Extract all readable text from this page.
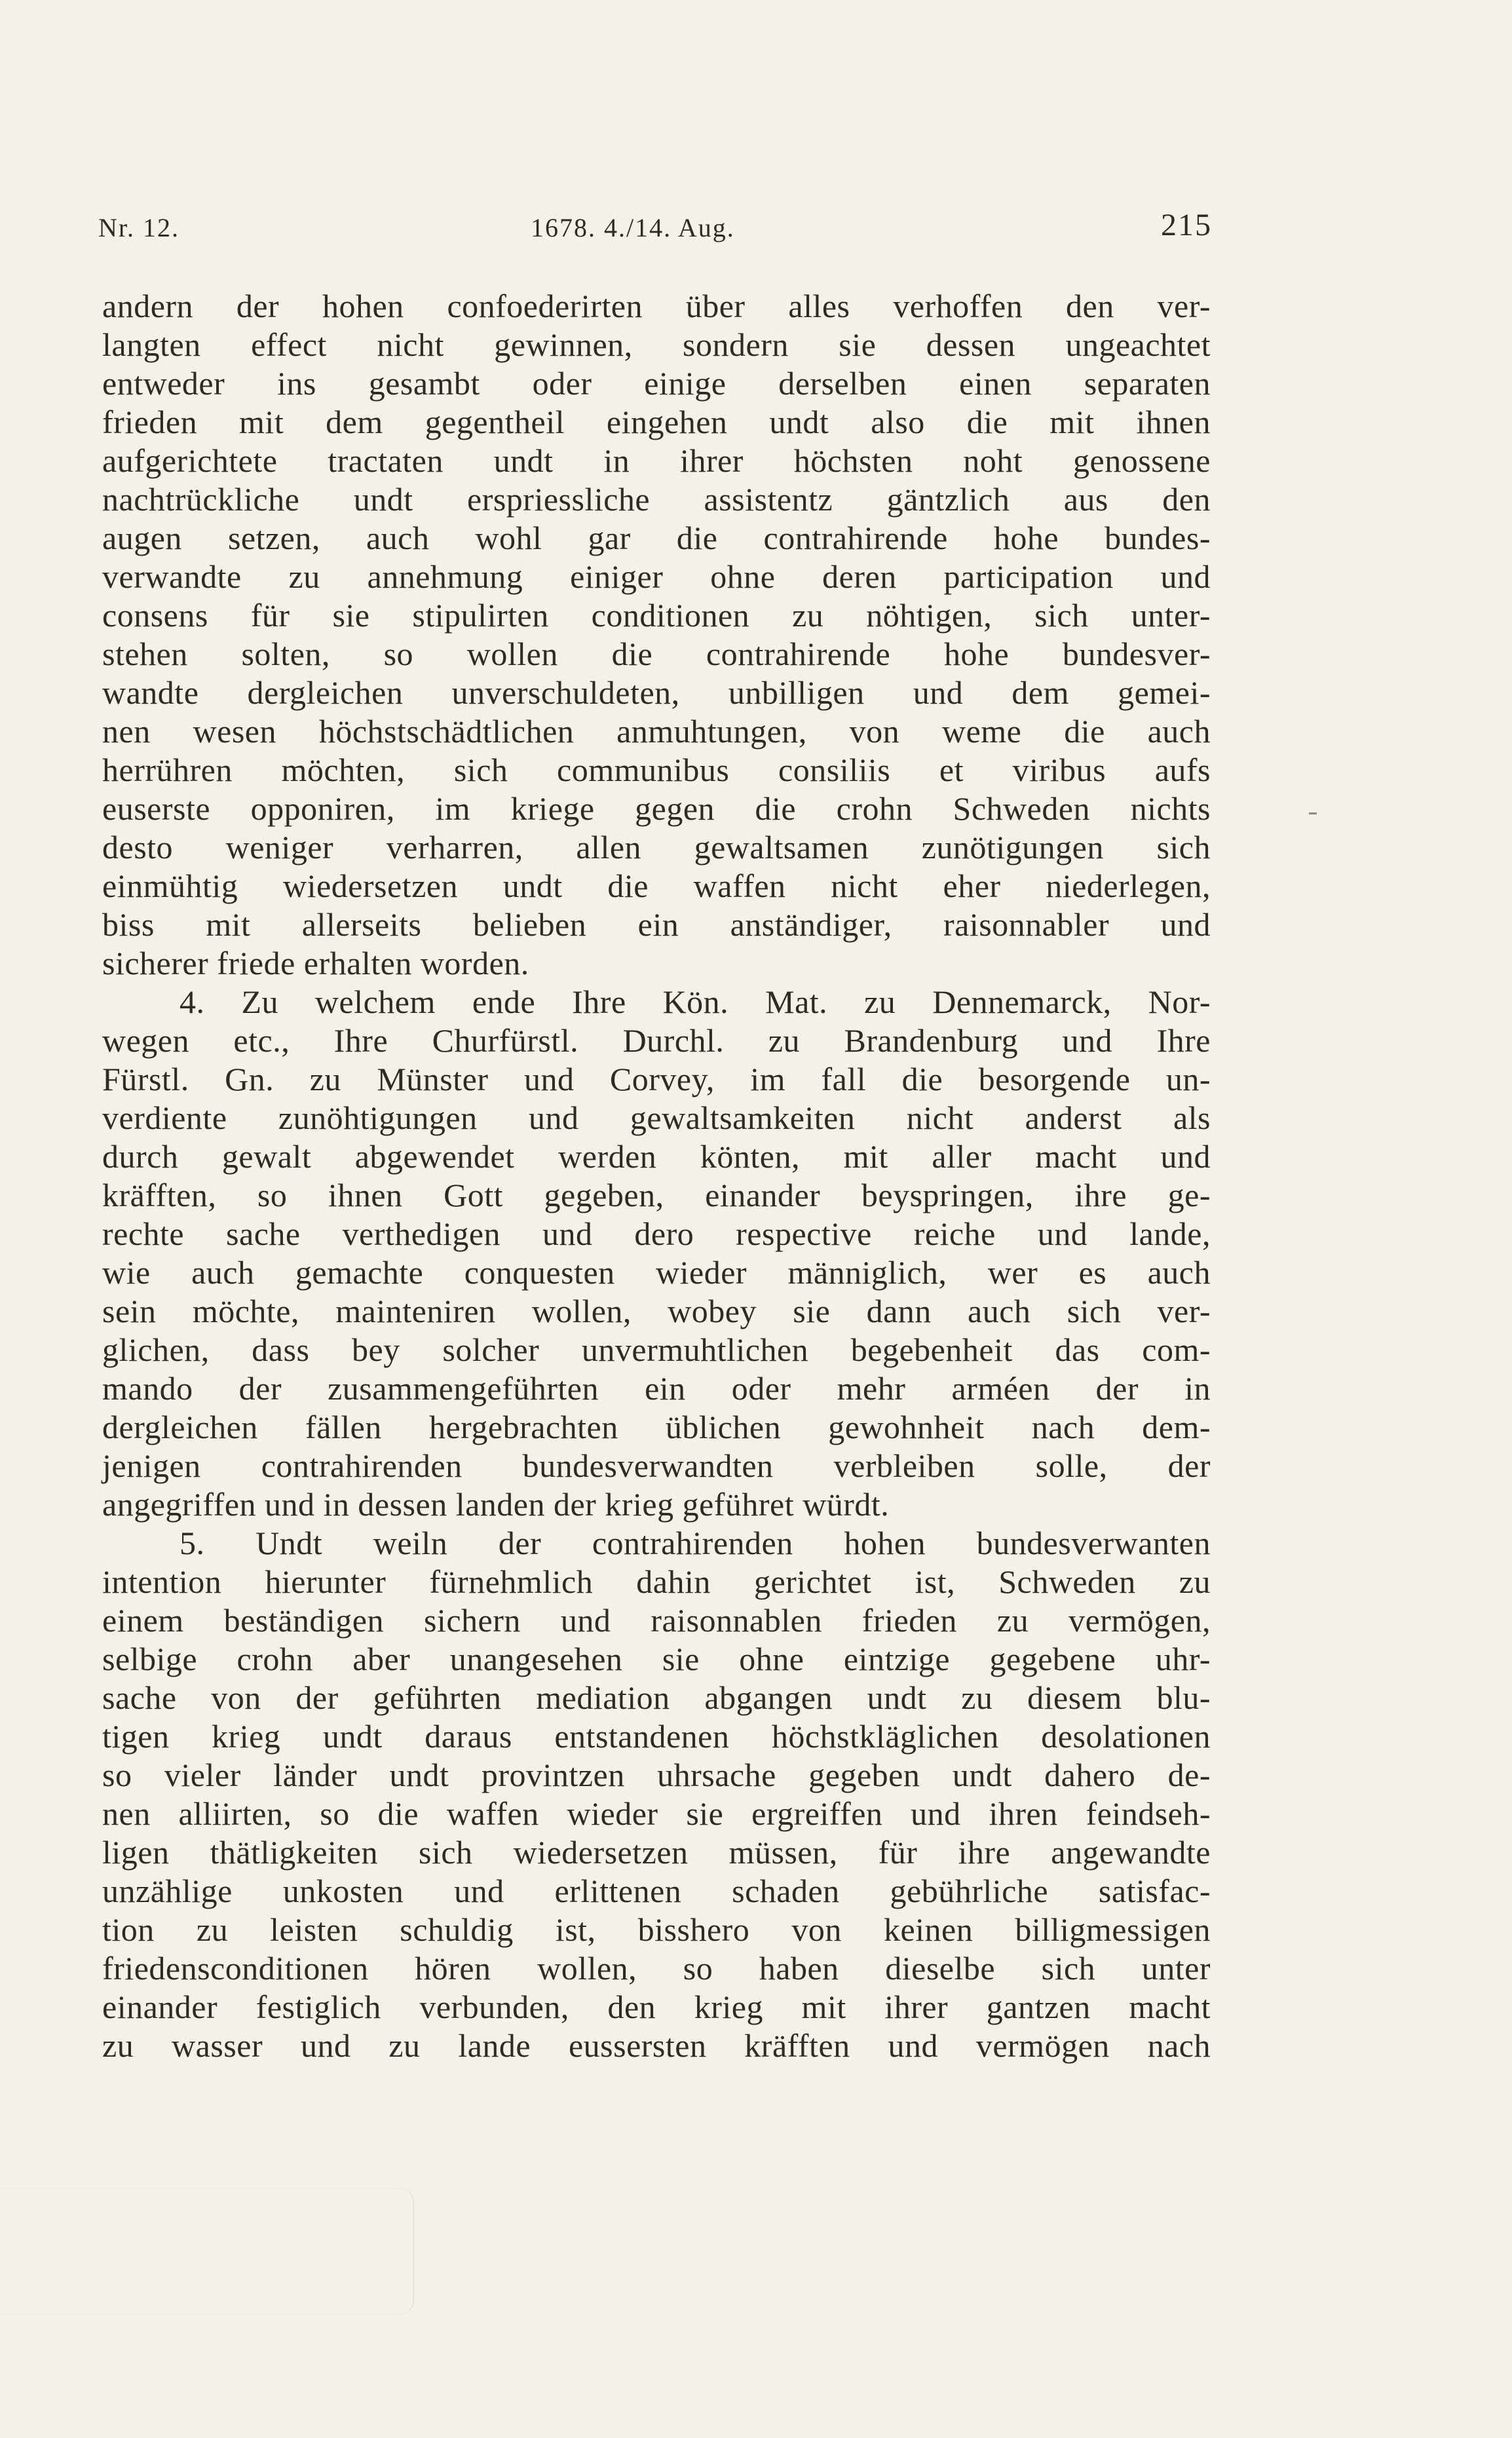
Nr. 12.	1678. 4./14. Aug.	215
andern der hohen confoederirten über alles verhoffen den ver-
langten effect nicht gewinnen, sondern sie dessen ungeachtet
entweder ins gesambt oder einige derselben einen separaten
frieden mit dem gegentheil eingehen undt also die mit ihnen
aufgerichtete tractaten undt in ihrer höchsten noht genossene
nachtrückliche undt erspriessliche assistentz gäntzlich aus den
augen setzen, auch wohl gar die contrahirende hohe bundes-
verwandte zu annehmung einiger ohne deren participation und
consens für sie stipulirten conditionen zu nöhtigen, sich unter-
stehen solten, so wollen die contrahirende hohe bundesver-
wandte dergleichen unverschuldeten, unbilligen und dem gemei-
nen wesen höchstschädtlichen anmuhtungen, von weme die auch
herrühren möchten, sich communibus consiliis et viribus aufs
euserste opponiren, im kriege gegen die crohn Schweden nichts
desto weniger verharren, allen gewaltsamen zunötigungen sich
einmühtig wiedersetzen undt die waffen nicht eher niederlegen,
biss mit allerseits belieben ein anständiger, raisonnabler und
sicherer friede erhalten worden.
4. Zu welchem ende Ihre Kön. Mat. zu Dennemarck, Nor-
wegen etc., Ihre Churfürstl. Durchl. zu Brandenburg und Ihre
Fürstl. Gn. zu Münster und Corvey, im fall die besorgende un-
verdiente zunöhtigungen und gewaltsamkeiten nicht anderst als
durch gewalt abgewendet werden könten, mit aller macht und
kräfften, so ihnen Gott gegeben, einander beyspringen, ihre ge-
rechte sache verthedigen und dero respective reiche und lande,
wie auch gemachte conquesten wieder männiglich, wer es auch
sein möchte, mainteniren wollen, wobey sie dann auch sich ver-
glichen, dass bey solcher unvermuhtlichen begebenheit das com-
mando der zusammengeführten ein oder mehr arméen der in
dergleichen fällen hergebrachten üblichen gewohnheit nach dem-
jenigen contrahirenden bundesverwandten verbleiben solle, der
angegriffen und in dessen landen der krieg geführet würdt.
5. Undt weiln der contrahirenden hohen bundesverwanten
intention hierunter fürnehmlich dahin gerichtet ist, Schweden zu
einem beständigen sichern und raisonnablen frieden zu vermögen,
selbige crohn aber unangesehen sie ohne eintzige gegebene uhr-
sache von der geführten mediation abgangen undt zu diesem blu-
tigen krieg undt daraus entstandenen höchstkläglichen desolationen
so vieler länder undt provintzen uhrsache gegeben undt dahero de-
nen alliirten, so die waffen wieder sie ergreiffen und ihren feindseh-
ligen thätligkeiten sich wiedersetzen müssen, für ihre angewandte
unzählige unkosten und erlittenen schaden gebührliche satisfac-
tion zu leisten schuldig ist, bisshero von keinen billigmessigen
friedensconditionen hören wollen, so haben dieselbe sich unter
einander festiglich verbunden, den krieg mit ihrer gantzen macht
zu wasser und zu lande eussersten kräfften und vermögen nach
